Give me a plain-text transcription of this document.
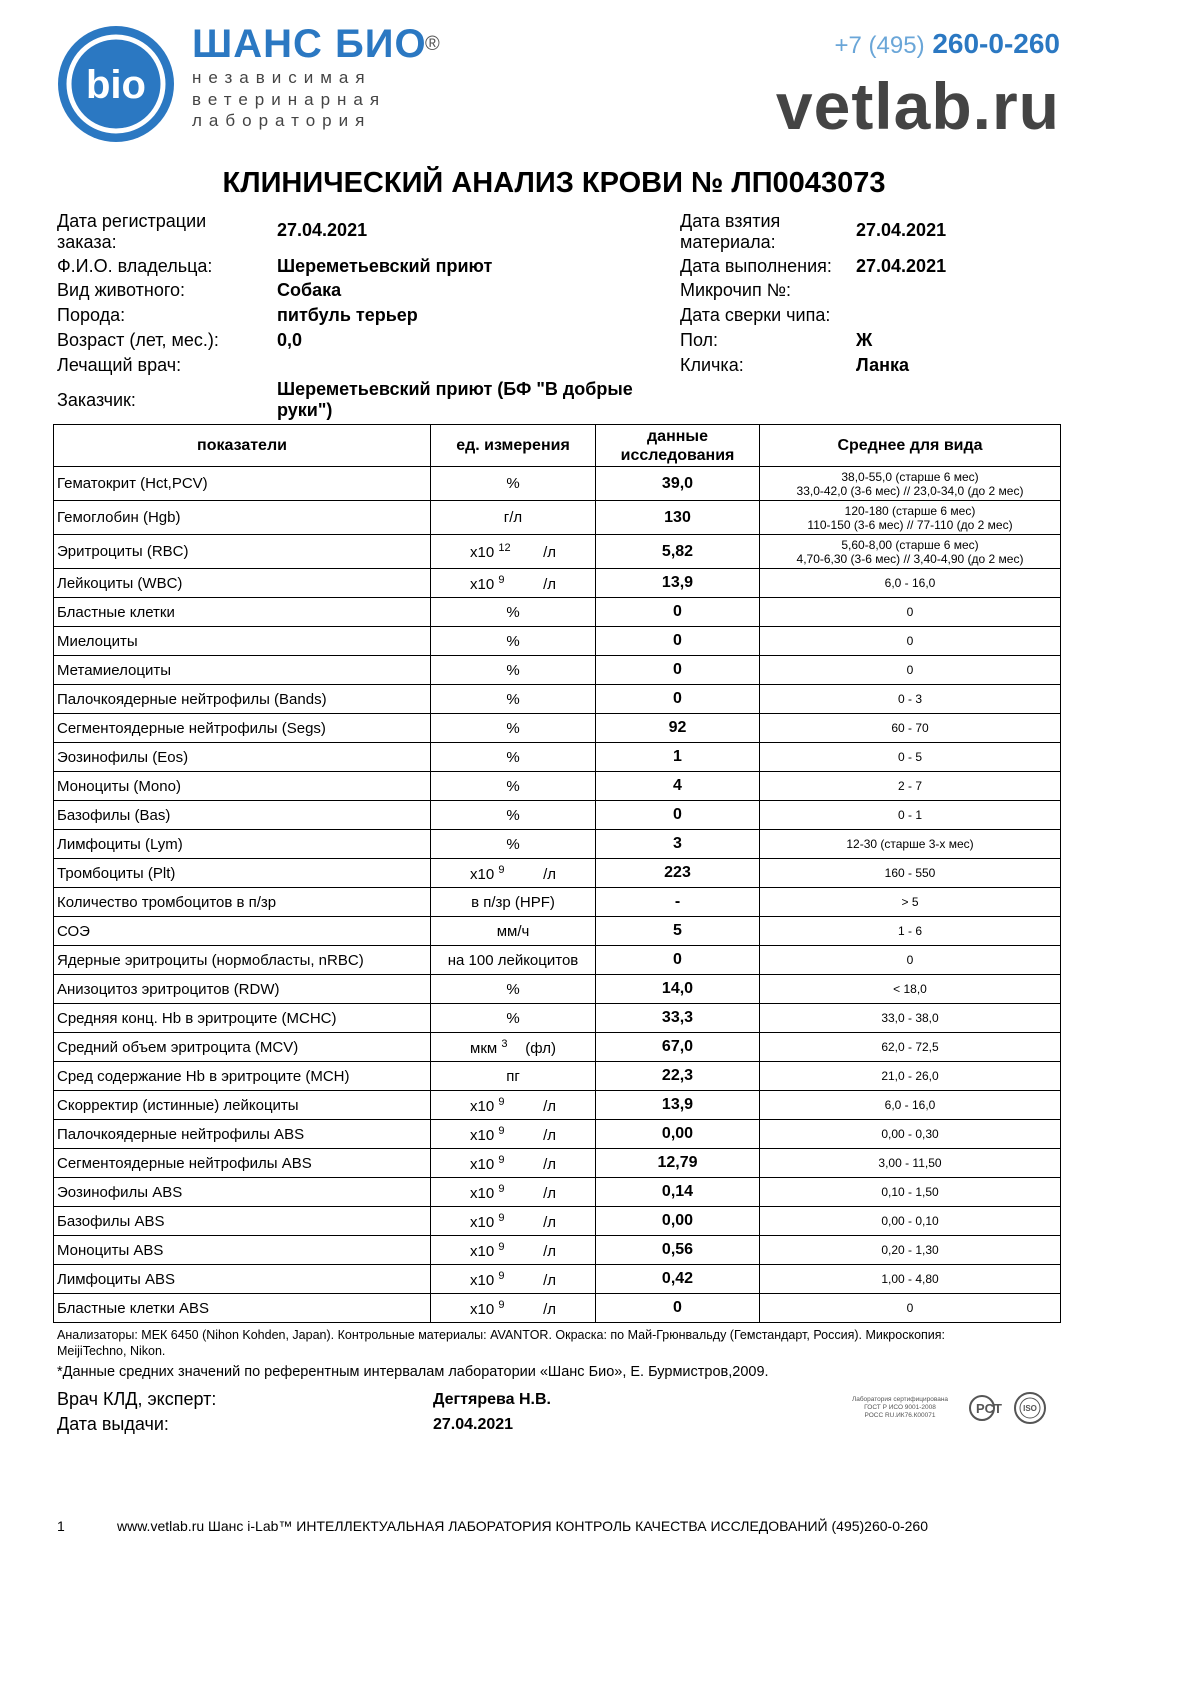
bio
ШАНС БИО
®
независимая
ветеринарная
лаборатория
+7 (495) 260-0-260
vetlab.ru
КЛИНИЧЕСКИЙ АНАЛИЗ КРОВИ № ЛП0043073
Дата регистрации
заказа:
27.04.2021
Ф.И.О. владельца:	Шереметьевский приют
Вид животного:	Собака
Порода:	питбуль терьер
Возраст (лет, мес.):	0,0
Лечащий врач:
Заказчик:
Шереметьевский приют (БФ "В добрые
руки")
Дата взятия
материала:
27.04.2021
Дата выполнения: 27.04.2021
Микрочип №:
Дата сверки чипа:
Пол:	Ж
Кличка:	Ланка
показатели	ед. измерения	данные
исследования	Среднее для вида
Гематокрит (Hct,PCV)	%	39,0	38,0-55,0 (старше 6 мес)
33,0-42,0 (3-6 мес) // 23,0-34,0 (до 2 мес)

Гемоглобин (Hgb)	г/л	130	120-180 (старше 6 мес)
110-150 (3-6 мес) // 77-110 (до 2 мес)

Эритроциты (RBC)	x10 $^{12}$ /л	5,82	5,60-8,00 (старше 6 мес)
4,70-6,30 (3-6 мес) // 3,40-4,90 (до 2 мес)

Лейкоциты (WBC)	x10 $^9$ /л	13,9	6,0 - 16,0
Бластные клетки	%	0	0
Миелоциты	%	0	0
Метамиелоциты	%	0	0
Палочкоядерные нейтрофилы (Bands)	%	0	0 - 3
Сегментоядерные нейтрофилы (Segs)	%	92	60 - 70
Эозинофилы (Eos)	%	1	0 - 5
Моноциты (Mono)	%	4	2 - 7
Базофилы (Bas)	%	0	0 - 1
Лимфоциты (Lym)	%	3	12-30 (старше 3-х мес)
Тромбоциты (Plt)	x10 $^9$ /л	223	160 - 550
Количество тромбоцитов в п/зр	в п/зр (HPF)	-	> 5
СОЭ	мм/ч	5	1 - 6
Ядерные эритроциты (нормобласты, nRBC)	на 100 лейкоцитов	0	0
Анизоцитоз эритроцитов (RDW)	%	14,0	< 18,0
Средняя конц. Hb в эритроците (MCHC)	%	33,3	33,0 - 38,0
Средний объем эритроцита (MCV)	мкм $^3$ (фл)	67,0	62,0 - 72,5
Сред содержание Hb в эритроците (MCH)	пг	22,3	21,0 - 26,0
Скорректир (истинные) лейкоциты	x10 $^9$ /л	13,9	6,0 - 16,0
Палочкоядерные нейтрофилы ABS	x10 $^9$ /л	0,00	0,00 - 0,30
Сегментоядерные нейтрофилы ABS	x10 $^9$ /л	12,79	3,00 - 11,50
Эозинофилы ABS	x10 $^9$ /л	0,14	0,10 - 1,50
Базофилы ABS	x10 $^9$ /л	0,00	0,00 - 0,10
Моноциты ABS	x10 $^9$ /л	0,56	0,20 - 1,30
Лимфоциты ABS	x10 $^9$ /л	0,42	1,00 - 4,80
Бластные клетки ABS	x10 $^9$ /л	0	0
Анализаторы: МЕК 6450 (Nihon Kohden, Japan). Контрольные материалы: AVANTOR. Окраска: по Май-Грюнвальду (Гемстандарт, Россия). Микроскопия:
MeijiTechno, Nikon.
*Данные средних значений по референтным интервалам лаборатории «Шанс Био», Е. Бурмистров,2009.
Врач КЛД, эксперт:	Дегтярева Н.В.
Дата выдачи:	27.04.2021
Лаборатория сертифицирована
ГОСТ Р ИСО 9001-2008
РОСС RU.ИК76.К00071	PCT	ISO
1	www.vetlab.ru Шанс i-Lab™ ИНТЕЛЛЕКТУАЛЬНАЯ ЛАБОРАТОРИЯ КОНТРОЛЬ КАЧЕСТВА ИССЛЕДОВАНИЙ (495)260-0-260
